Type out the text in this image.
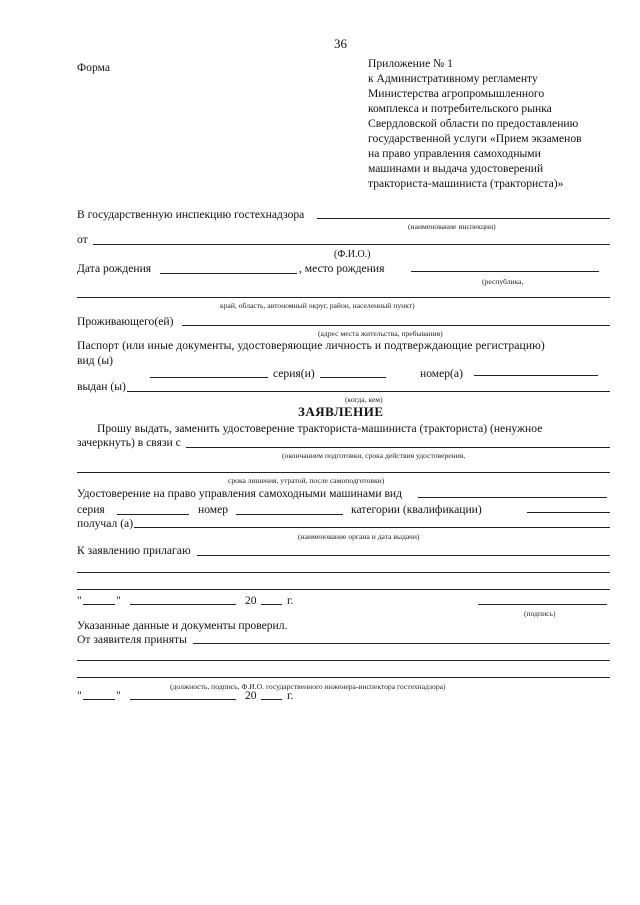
36
Форма	Приложение № 1
к Административному регламенту
Министерства агропромышленного
комплекса и потребительского рынка
Свердловской области по предоставлению
государственной услуги «Прием экзаменов
на право управления самоходными
машинами и выдача удостоверений
тракториста-машиниста (тракториста)»
В государственную инспекцию гостехнадзора
(наименование инспекции)
от
(Ф.И.О.)
Дата рождения	, место рождения
(республика,
край, область, автономный округ, район, населенный пункт)
Проживающего(ей)
(адрес места жительства, пребывания)
Паспорт (или иные документы, удостоверяющие личность и подтверждающие регистрацию)
вид (ы)
серия(и)	номер(а)
выдан (ы)
(когда, кем)
ЗАЯВЛЕНИЕ
Прошу выдать, заменить удостоверение тракториста-машиниста (тракториста) (ненужное
зачеркнуть) в связи с
(окончанием подготовки, срока действия удостоверения,
срока лишения, утратой, после самоподготовки)
Удостоверение на право управления самоходными машинами вид
серия	номер	категории (квалификации)
получал (а)
(наименование органа и дата выдачи)
К заявлению прилагаю
"	"	20	г.
(подпись)
Указанные данные и документы проверил.
От заявителя приняты
(должность, подпись, Ф.И.О. государственного инженера-инспектора гостехнадзора)
"	"	20	г.
